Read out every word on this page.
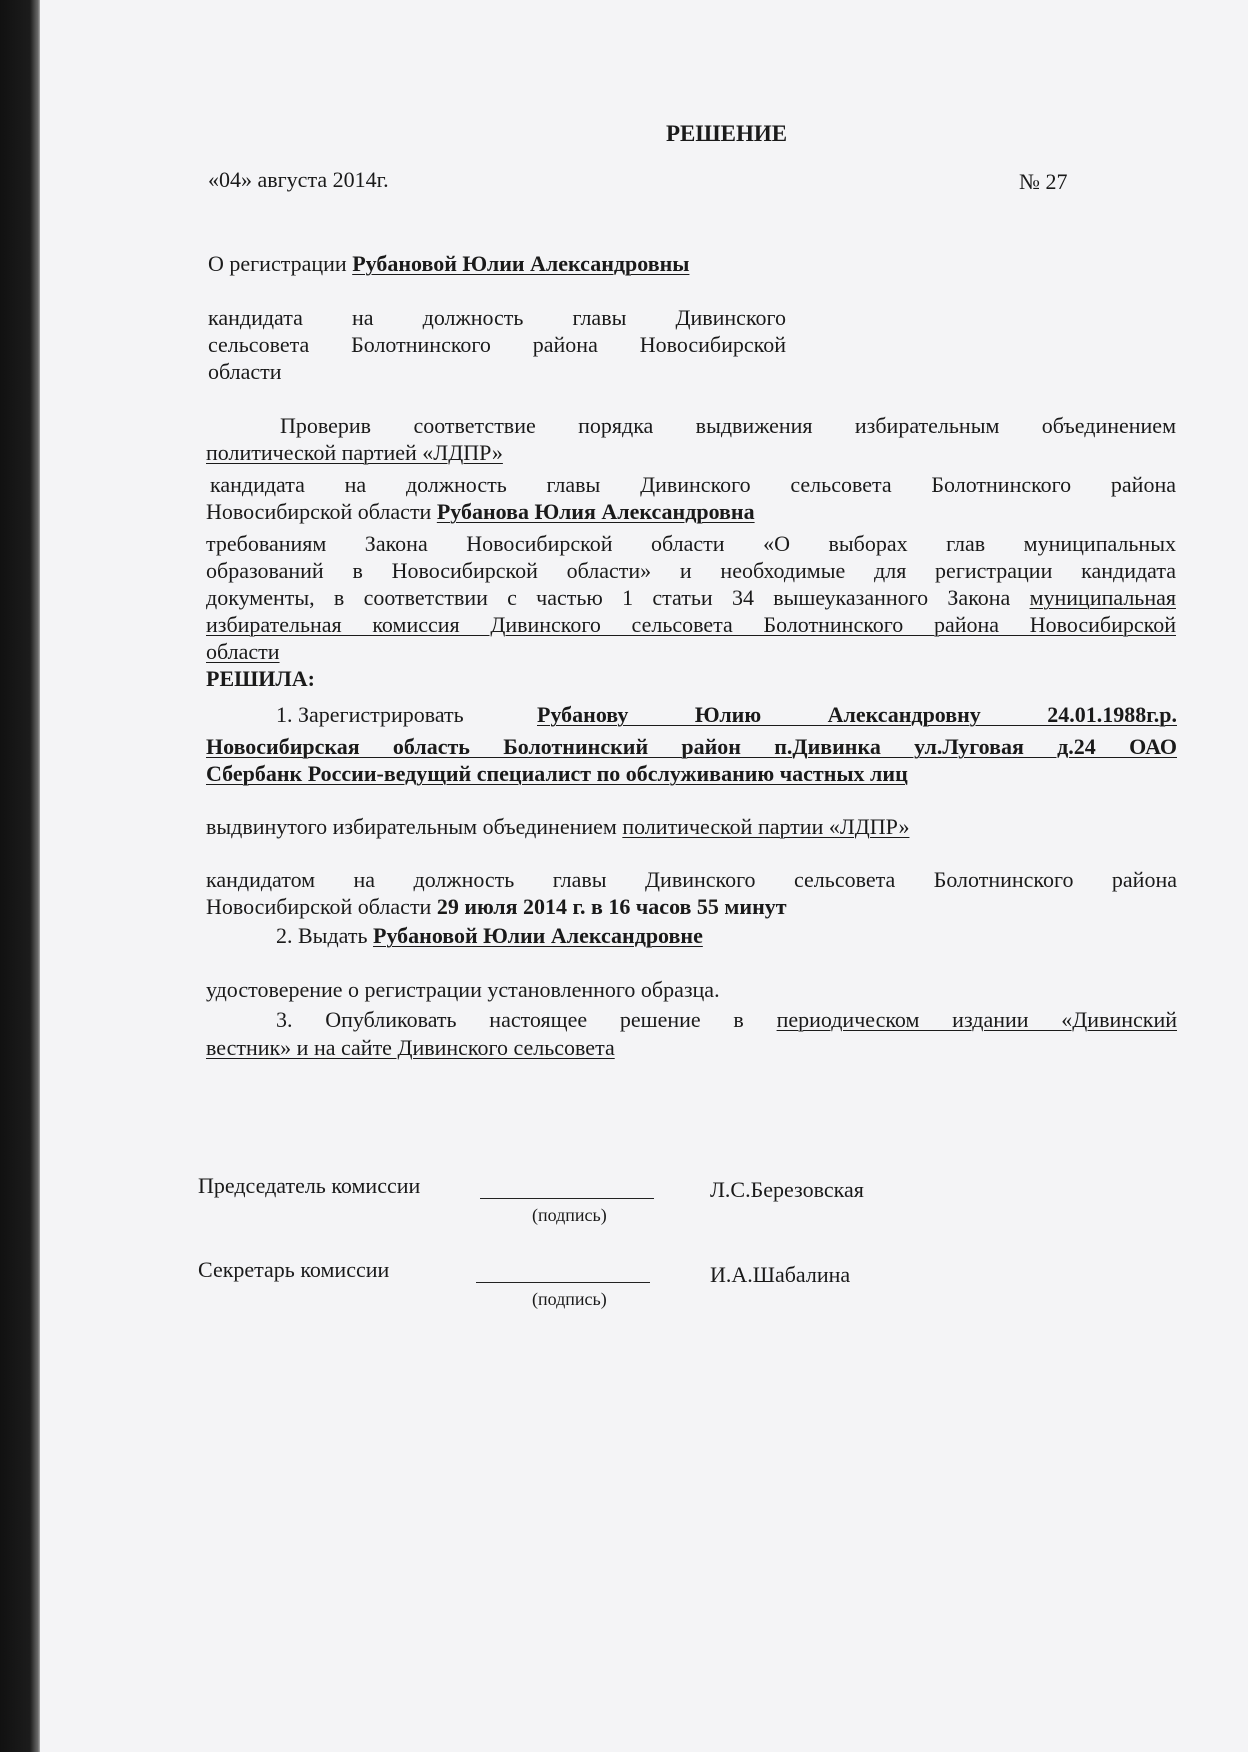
РЕШЕНИЕ
«04» августа 2014г.	№ 27
О регистрации Рубановой Юлии Александровны
кандидата на должность главы Дивинского
сельсовета Болотнинского района Новосибирской
области
Проверив соответствие порядка выдвижения избирательным объединением
политической партией «ЛДПР»
кандидата на должность главы Дивинского сельсовета Болотнинского района
Новосибирской области Рубанова Юлия Александровна
требованиям Закона Новосибирской области «О выборах глав муниципальных
образований в Новосибирской области» и необходимые для регистрации кандидата
документы, в соответствии с частью 1 статьи 34 вышеуказанного Закона муниципальная
избирательная комиссия Дивинского сельсовета Болотнинского района Новосибирской
области
РЕШИЛА:
1. Зарегистрировать	Рубанову Юлию Александровну 24.01.1988г.р.
Новосибирская область Болотнинский район п.Дивинка ул.Луговая д.24 ОАО
Сбербанк России-ведущий специалист по обслуживанию частных лиц
выдвинутого избирательным объединением политической партии «ЛДПР»
кандидатом на должность главы Дивинского сельсовета Болотнинского района
Новосибирской области 29 июля 2014 г. в 16 часов 55 минут
2. Выдать Рубановой Юлии Александровне
удостоверение о регистрации установленного образца.
3. Опубликовать настоящее решение в периодическом издании «Дивинский
вестник» и на сайте Дивинского сельсовета
Председатель комиссии
(подпись)
Л.С.Березовская
Секретарь комиссии
(подпись)
И.А.Шабалина
